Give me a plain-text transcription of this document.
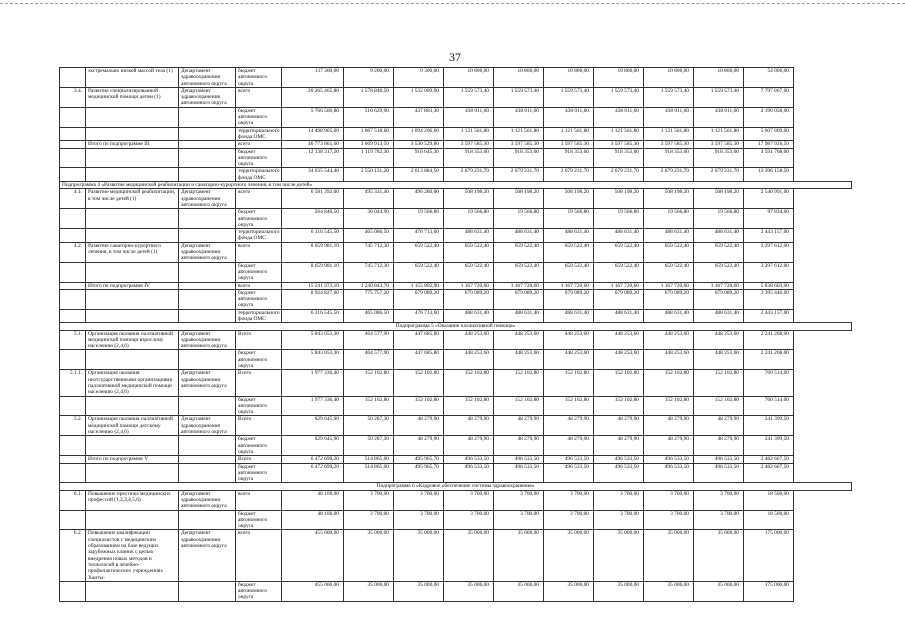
37
	экстремально низкой массой тела (1)	Департамент здравоохранения автономного округа	бюджет автономного округа	137 300,00	9 200,00	9 300,00	10 800,00	10 800,00	10 800,00	10 800,00	10 800,00	10 800,00	54 000,00
3.4.	Развитие специализированной медицинской помощи детям (1)	Департамент здравоохранения автономного округа	всего	20 265 465,80	1 578 848,50	1 532 009,90	1 559 573,40	1 559 573,40	1 559 573,40	1 559 573,40	1 559 573,40	1 559 573,40	7 797 867,00
			бюджет автономного округа	5 766 560,80	510 629,90	437 803,30	438 011,60	438 011,60	438 011,60	438 011,60	438 011,60	438 011,60	2 190 058,00
			территориального фонда ОМС	14 498 905,00	1 067 518,60	1 094 206,60	1 121 561,80	1 121 561,80	1 121 561,80	1 121 561,80	1 121 561,80	1 121 561,80	5 607 809,00
	Итого по подпрограмме III		всего	46 773 861,60	3 669 913,50	3 530 529,80	3 597 585,30	3 597 585,30	3 597 585,30	3 597 585,30	3 597 585,30	3 597 585,30	17 987 926,50
			бюджет автономного округа	12 138 317,20	1 119 782,30	916 645,30	918 353,60	918 353,60	918 353,60	918 353,60	918 353,60	918 353,60	4 591 768,00
			территориального фонда ОМС	34 635 544,40	2 550 131,20	2 613 884,50	2 679 231,70	2 679 231,70	2 679 231,70	2 679 231,70	2 679 231,70	2 679 231,70	13 396 158,50
Подпрограмма 4 «Развитие медицинской реабилитации и санаторно-курортного лечения, в том числе детей»													
4.1.	Развитие медицинской реабилитации, в том числе детей (1)	Департамент здравоохранения автономного округа	всего	6 581 392,00	495 331,40	496 280,00	508 198,20	508 198,20	508 198,20	508 198,20	508 198,20	508 198,20	2 540 991,00
			бюджет автономного округа	264 846,50	30 044,90	19 566,80	19 566,80	19 566,80	19 566,80	19 566,80	19 566,80	19 566,80	97 834,00
			территориального фонда ОМС	6 316 545,50	465 086,50	476 713,60	488 631,40	488 631,40	488 631,40	488 631,40	488 631,40	488 631,40	2 443 157,00
4.2.	Развитие санаторно-курортного лечения, в том числе детей (1)	Департамент здравоохранения автономного округа	всего	8 659 981,10	745 712,30	659 522,40	659 522,40	659 522,40	659 522,40	659 522,40	659 522,40	659 522,40	3 297 612,00
			бюджет автономного округа	8 659 981,10	745 712,30	659 522,40	659 522,40	659 522,40	659 522,40	659 522,40	659 522,40	659 522,40	3 297 612,00
	Итого по подпрограмме IV		всего	15 241 373,10	1 240 843,70	1 155 802,90	1 167 720,60	1 167 720,60	1 167 720,60	1 167 720,60	1 167 720,60	1 167 720,60	5 838 603,00
			бюджет автономного округа	8 924 827,60	775 757,20	679 089,20	679 089,20	679 089,20	679 089,20	679 089,20	679 089,20	679 089,20	3 395 446,00
			территориального фонда ОМС	6 316 545,50	465 086,50	476 713,60	488 631,40	488 631,40	488 631,40	488 631,40	488 631,40	488 631,40	2 443 157,00
Подпрограмма 5 «Оказание паллиативной помощи»													
5.1.	Организация оказания паллиативной медицинской помощи взрослому населению (2,4,6)	Департамент здравоохранения автономного округа	Всего	5 843 053,30	464 577,90	447 685,80	448 253,60	448 253,60	448 253,60	448 253,60	448 253,60	448 253,60	2 241 268,00
			бюджет автономного округа	5 843 053,30	464 577,90	447 685,80	448 253,60	448 253,60	448 253,60	448 253,60	448 253,60	448 253,60	2 241 268,00
5.1.1.	Организация оказания неотсударственными организациями паллиативной медицинской помощи населению (2,4,6)	Департамент здравоохранения автономного округа	Всего	1 977 336,40	152 102,80	152 102,80	152 102,80	152 102,80	152 102,80	152 102,80	152 102,80	152 102,80	760 514,00
			бюджет автономного округа	1 977 336,40	152 102,80	152 102,80	152 102,80	152 102,80	152 102,80	152 102,80	152 102,80	152 102,80	760 514,00
5.2.	Организация оказания паллиативной медицинской помощи детскому населению (2,4,6)	Департамент здравоохранения автономного округа	Всего	629 645,90	50 287,30	48 279,90	48 279,90	48 279,90	48 279,90	48 279,90	48 279,90	48 279,90	241 399,50
			бюджет автономного округа	629 645,90	50 287,30	48 279,90	48 279,90	48 279,90	48 279,90	48 279,90	48 279,90	48 279,90	241 399,50
	Итого по подпрограмме V		Всего	6 472 699,20	514 865,00	495 965,70	496 533,50	496 533,50	496 533,50	496 533,50	496 533,50	496 533,50	2 482 667,50
			бюджет автономного округа	6 472 699,20	514 865,00	495 965,70	496 533,50	496 533,50	496 533,50	496 533,50	496 533,50	496 533,50	2 482 667,50
Подпрограмма 6 «Кадровое обеспечение системы здравоохранения»													
6.1.	Повышение престижа медицинских профессий (1,2,3,4,5,6)	Департамент здравоохранения автономного округа	всего	48 100,00	3 700,00	3 700,00	3 700,00	3 700,00	3 700,00	3 700,00	3 700,00	3 700,00	18 500,00
			бюджет автономного округа	48 100,00	3 700,00	3 700,00	3 700,00	3 700,00	3 700,00	3 700,00	3 700,00	3 700,00	18 500,00
6.2.	Повышение квалификации специалистов с медицинским образованием на базе ведущих зарубежных клиник с целью внедрения новых методов и технологий в лечебно-профилактических учреждениях Ханты-	Департамент здравоохранения автономного округа	всего	455 000,00	35 000,00	35 000,00	35 000,00	35 000,00	35 000,00	35 000,00	35 000,00	35 000,00	175 000,00
			бюджет автономного округа	455 000,00	35 000,00	35 000,00	35 000,00	35 000,00	35 000,00	35 000,00	35 000,00	35 000,00	175 000,00
